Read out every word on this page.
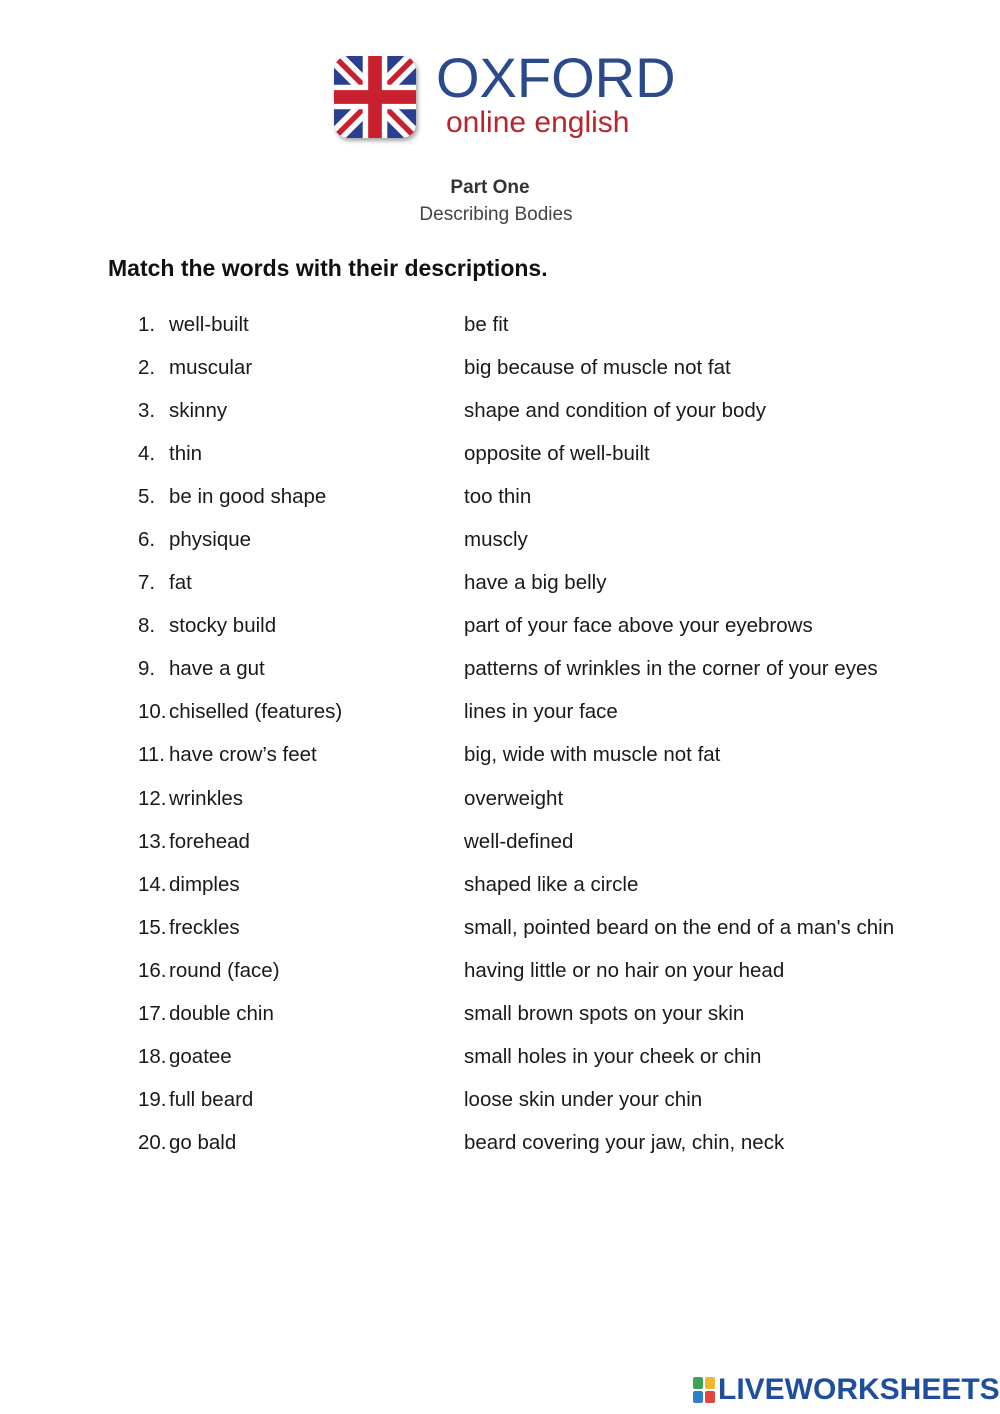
OXFORD
online english
Part One
Describing Bodies
Match the words with their descriptions.
1. well-built	be fit
2. muscular	big because of muscle not fat
3. skinny	shape and condition of your body
4. thin	opposite of well-built
5. be in good shape	too thin
6. physique	muscly
7. fat	have a big belly
8. stocky build	part of your face above your eyebrows
9. have a gut	patterns of wrinkles in the corner of your eyes
10. chiselled (features)	lines in your face
11. have crow’s feet	big, wide with muscle not fat
12. wrinkles	overweight
13. forehead	well-defined
14. dimples	shaped like a circle
15. freckles	small, pointed beard on the end of a man's chin
16. round (face)	having little or no hair on your head
17. double chin	small brown spots on your skin
18. goatee	small holes in your cheek or chin
19. full beard	loose skin under your chin
20. go bald	beard covering your jaw, chin, neck
LIVEWORKSHEETS
